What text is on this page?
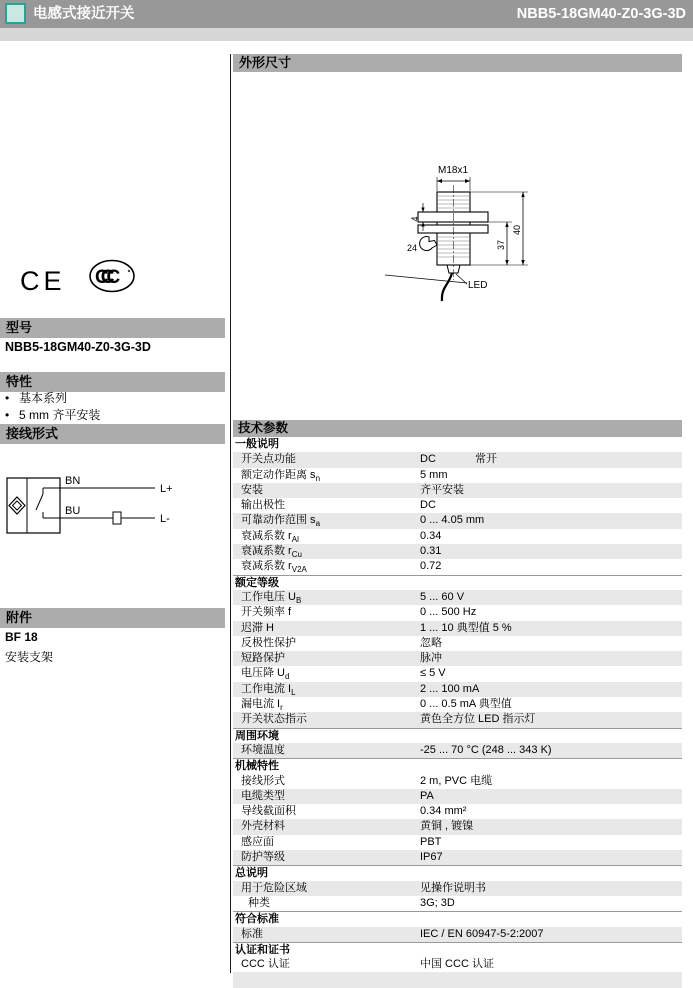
电感式接近开关	NBB5-18GM40-Z0-3G-3D
CE CCC
型号
NBB5-18GM40-Z0-3G-3D
特性
• 基本系列
• 5 mm 齐平安装
接线形式
BN
BU
L+
L-
附件
BF 18
安装支架
外形尺寸
M18x1
4
24	37
40
LED
技术参数
一般说明
开关点功能	DC	常开
额定动作距离 $s_n$	5 mm
安装	齐平安装
输出极性	DC
可靠动作范围 $s_a$	0 ... 4.05 mm
衰减系数 $r_{Al}$	0.34
衰减系数 $r_{Cu}$	0.31
衰减系数 $r_{V2A}$	0.72
额定等级
工作电压 $U_B$	5 ... 60 V
开关频率 f	0 ... 500 Hz
迟滞 H	1 ... 10 典型值 5 %
反极性保护	忽略
短路保护	脉冲
电压降 $U_d$	≤ 5 V
工作电流 $I_L$	2 ... 100 mA
漏电流 $I_r$	0 ... 0.5 mA 典型值
开关状态指示	黄色全方位 LED 指示灯
周围环境
环境温度	-25 ... 70 °C (248 ... 343 K)
机械特性
接线形式	2 m, PVC 电缆
电缆类型	PA
导线截面积	0.34 mm²
外壳材料	黄铜 , 镀镍
感应面	PBT
防护等级	IP67
总说明
用于危险区域	见操作说明书
种类	3G; 3D
符合标准
标准	IEC / EN 60947-5-2:2007
认证和证书
CCC 认证	中国 CCC 认证
